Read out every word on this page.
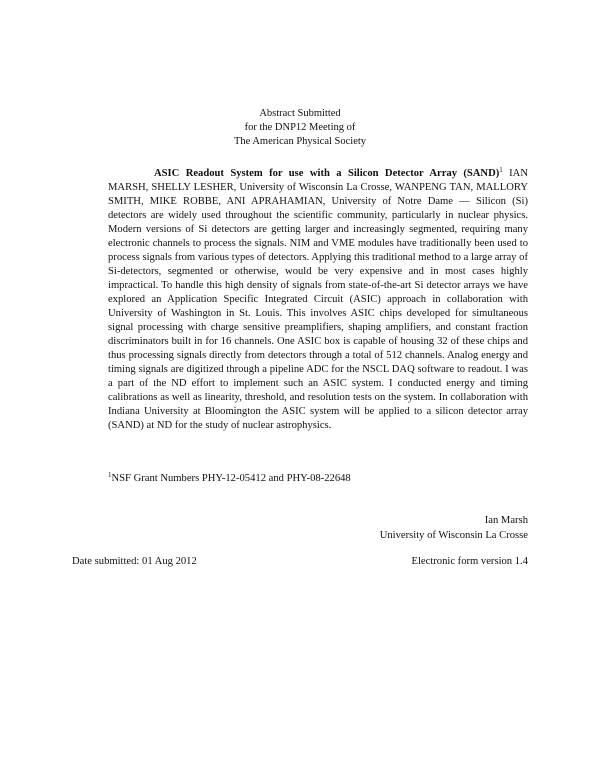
Abstract Submitted
for the DNP12 Meeting of
The American Physical Society

ASIC Readout System for use with a Silicon Detector Array (SAND)$^1$ IAN MARSH, SHELLY LESHER, University of Wisconsin La Crosse, WANPENG TAN, MALLORY SMITH, MIKE ROBBE, ANI APRAHAMIAN, University of Notre Dame — Silicon (Si) detectors are widely used throughout the scientific community, particularly in nuclear physics. Modern versions of Si detectors are getting larger and increasingly segmented, requiring many electronic channels to process the signals. NIM and VME modules have traditionally been used to process signals from various types of detectors. Applying this traditional method to a large array of Si-detectors, segmented or otherwise, would be very expensive and in most cases highly impractical. To handle this high density of signals from state-of-the-art Si detector arrays we have explored an Application Specific Integrated Circuit (ASIC) approach in collaboration with University of Washington in St. Louis. This involves ASIC chips developed for simultaneous signal processing with charge sensitive preamplifiers, shaping amplifiers, and constant fraction discriminators built in for 16 channels. One ASIC box is capable of housing 32 of these chips and thus processing signals directly from detectors through a total of 512 channels. Analog energy and timing signals are digitized through a pipeline ADC for the NSCL DAQ software to readout. I was a part of the ND effort to implement such an ASIC system. I conducted energy and timing calibrations as well as linearity, threshold, and resolution tests on the system. In collaboration with Indiana University at Bloomington the ASIC system will be applied to a silicon detector array (SAND) at ND for the study of nuclear astrophysics.

$^1$NSF Grant Numbers PHY-12-05412 and PHY-08-22648
Ian Marsh
University of Wisconsin La Crosse
Date submitted: 01 Aug 2012	Electronic form version 1.4
